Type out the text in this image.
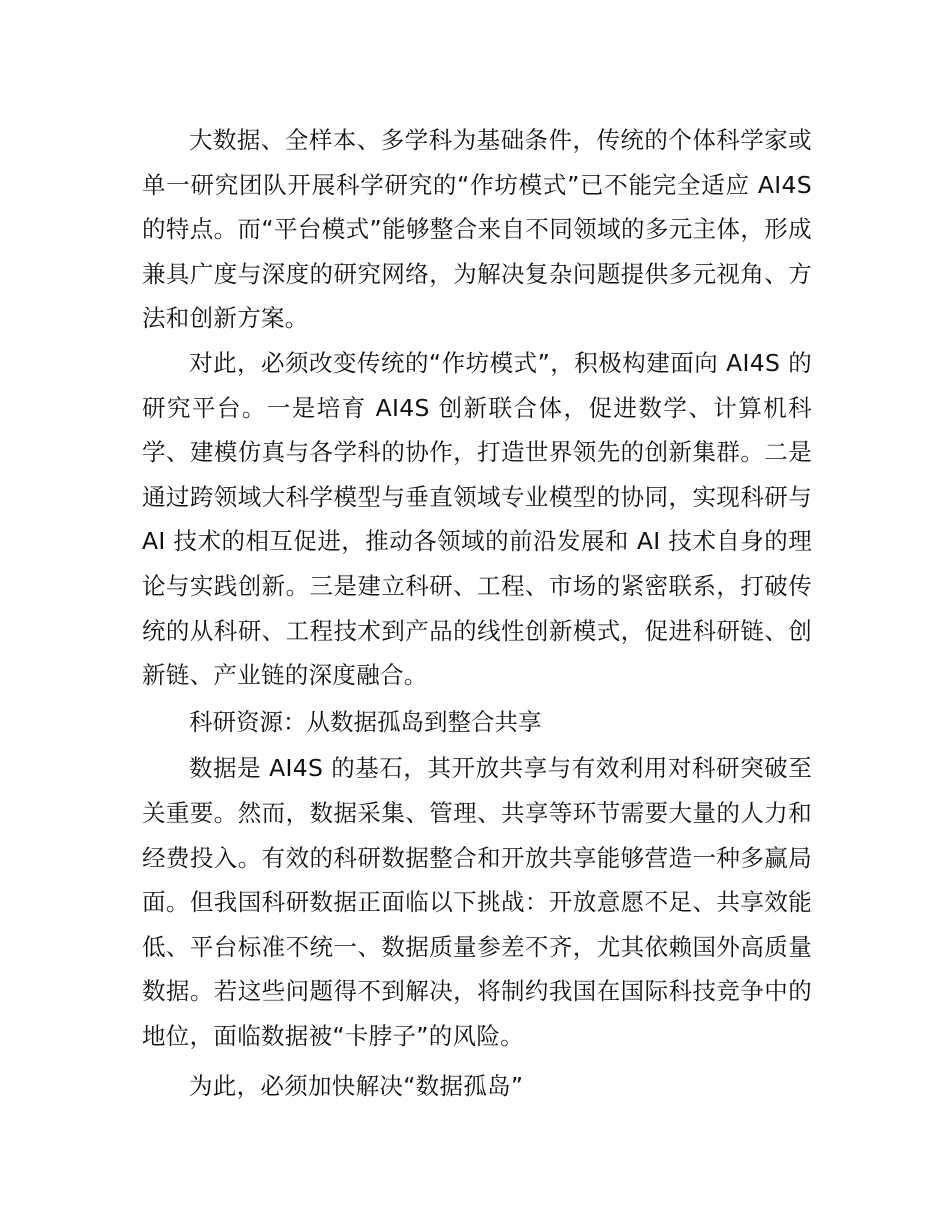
大数据、全样本、多学科为基础条件，传统的个体科学家或单一研究团队开展科学研究的“作坊模式”已不能完全适应 AI4S 的特点。而“平台模式”能够整合来自不同领域的多元主体，形成兼具广度与深度的研究网络，为解决复杂问题提供多元视角、方法和创新方案。

对此，必须改变传统的“作坊模式”，积极构建面向 AI4S 的研究平台。一是培育 AI4S 创新联合体，促进数学、计算机科学、建模仿真与各学科的协作，打造世界领先的创新集群。二是通过跨领域大科学模型与垂直领域专业模型的协同，实现科研与 AI 技术的相互促进，推动各领域的前沿发展和 AI 技术自身的理论与实践创新。三是建立科研、工程、市场的紧密联系，打破传统的从科研、工程技术到产品的线性创新模式，促进科研链、创新链、产业链的深度融合。

科研资源：从数据孤岛到整合共享

数据是 AI4S 的基石，其开放共享与有效利用对科研突破至关重要。然而，数据采集、管理、共享等环节需要大量的人力和经费投入。有效的科研数据整合和开放共享能够营造一种多赢局面。但我国科研数据正面临以下挑战：开放意愿不足、共享效能低、平台标准不统一、数据质量参差不齐，尤其依赖国外高质量数据。若这些问题得不到解决，将制约我国在国际科技竞争中的地位，面临数据被“卡脖子”的风险。

为此，必须加快解决“数据孤岛”
